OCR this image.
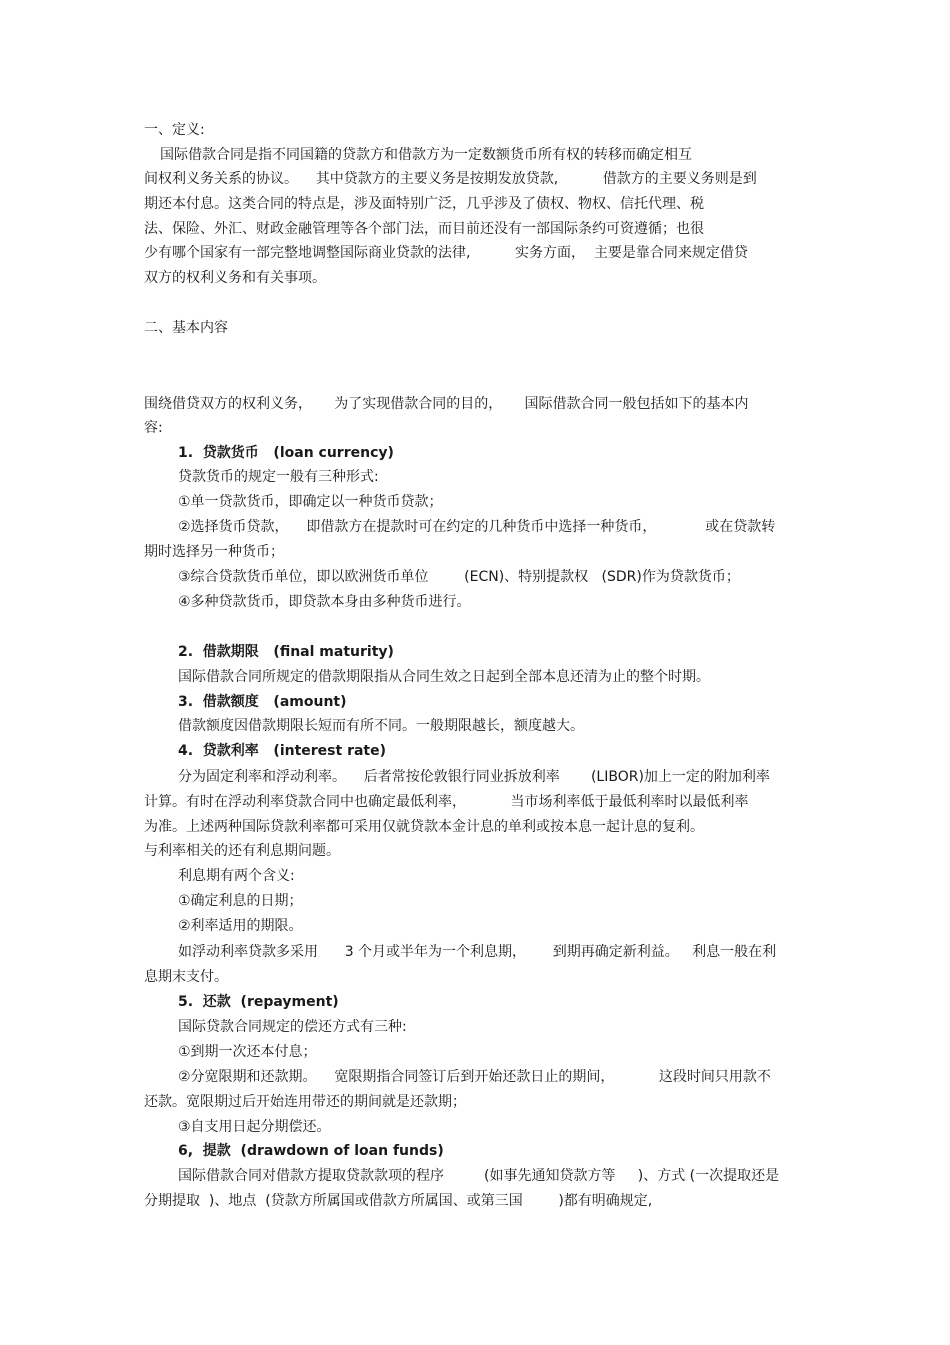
一、定义:
国际借款合同是指不同国籍的贷款方和借款方为一定数额货币所有权的转移而确定相互
间权利义务关系的协议。    其中贷款方的主要义务是按期发放贷款,          借款方的主要义务则是到
期还本付息。这类合同的特点是，涉及面特别广泛，几乎涉及了债权、物权、信托代理、税
法、保险、外汇、财政金融管理等各个部门法，而目前还没有一部国际条约可资遵循；也很
少有哪个国家有一部完整地调整国际商业贷款的法律,          实务方面，  主要是靠合同来规定借贷
双方的权利义务和有关事项。
二、基本内容
围绕借贷双方的权利义务，     为了实现借款合同的目的，     国际借款合同一般包括如下的基本内
容:
1.  贷款货币   (loan currency)
贷款货币的规定一般有三种形式:
①单一贷款货币，即确定以一种货币贷款；
②选择货币贷款，    即借款方在提款时可在约定的几种货币中选择一种货币，           或在贷款转
期时选择另一种货币；
③综合贷款货币单位，即以欧洲货币单位        (ECN)、特别提款权   (SDR)作为贷款货币；
④多种贷款货币，即贷款本身由多种货币进行。
2.  借款期限   (final maturity)
国际借款合同所规定的借款期限指从合同生效之日起到全部本息还清为止的整个时期。
3.  借款额度   (amount)
借款额度因借款期限长短而有所不同。一般期限越长，额度越大。
4.  贷款利率   (interest rate)
分为固定利率和浮动利率。    后者常按伦敦银行同业拆放利率       (LIBOR)加上一定的附加利率
计算。有时在浮动利率贷款合同中也确定最低利率，          当市场利率低于最低利率时以最低利率
为准。上述两种国际贷款利率都可采用仅就贷款本金计息的单利或按本息一起计息的复利。
与利率相关的还有利息期问题。
利息期有两个含义:
①确定利息的日期；
②利率适用的期限。
如浮动利率贷款多采用      3 个月或半年为一个利息期，      到期再确定新利益。   利息一般在利
息期末支付。
5.  还款  (repayment)
国际贷款合同规定的偿还方式有三种:
①到期一次还本付息；
②分宽限期和还款期。    宽限期指合同签订后到开始还款日止的期间，          这段时间只用款不
还款。宽限期过后开始连用带还的期间就是还款期；
③自支用日起分期偿还。
6,  提款  (drawdown of loan funds)
国际借款合同对借款方提取贷款款项的程序         (如事先通知贷款方等     )、方式 (一次提取还是
分期提取  )、地点  (贷款方所属国或借款方所属国、或第三国        )都有明确规定,
